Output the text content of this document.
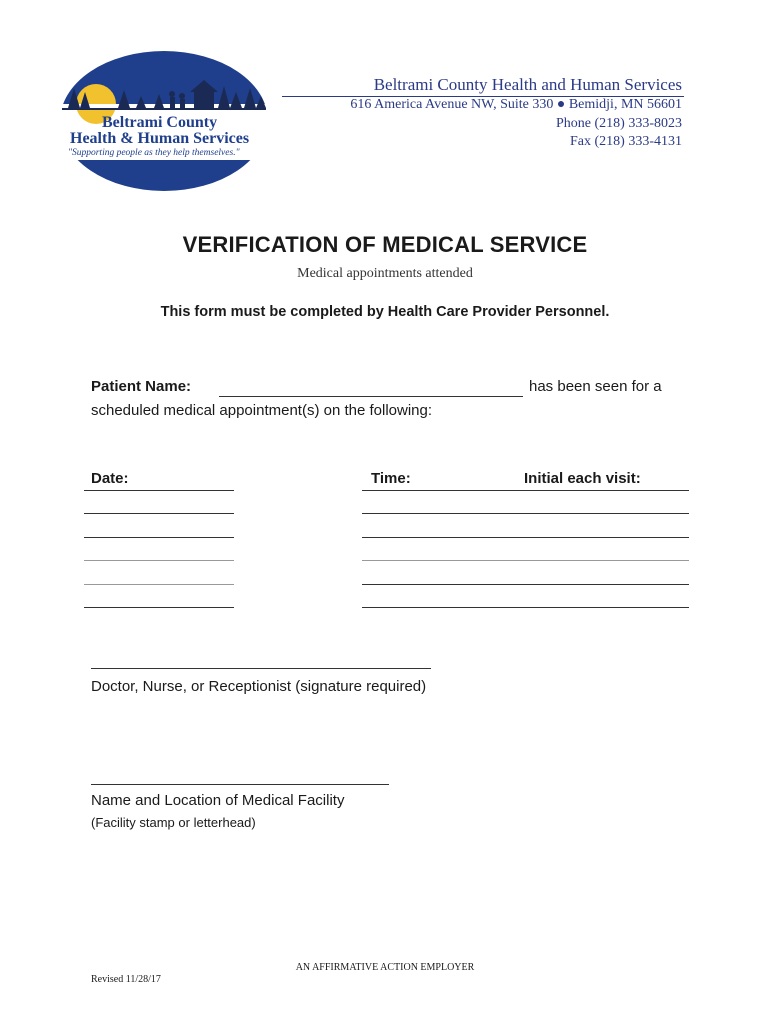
Beltrami County
Health & Human Services
"Supporting people as they help themselves."
Beltrami County Health and Human Services
616 America Avenue NW, Suite 330 ● Bemidji, MN 56601
Phone (218) 333-8023
Fax (218) 333-4131
VERIFICATION OF MEDICAL SERVICE
Medical appointments attended
This form must be completed by Health Care Provider Personnel.
Patient Name:	has been seen for a
scheduled medical appointment(s) on the following:
Date:	Time:	Initial each visit:
Doctor, Nurse, or Receptionist (signature required)
Name and Location of Medical Facility
(Facility stamp or letterhead)
AN AFFIRMATIVE ACTION EMPLOYER
Revised 11/28/17
